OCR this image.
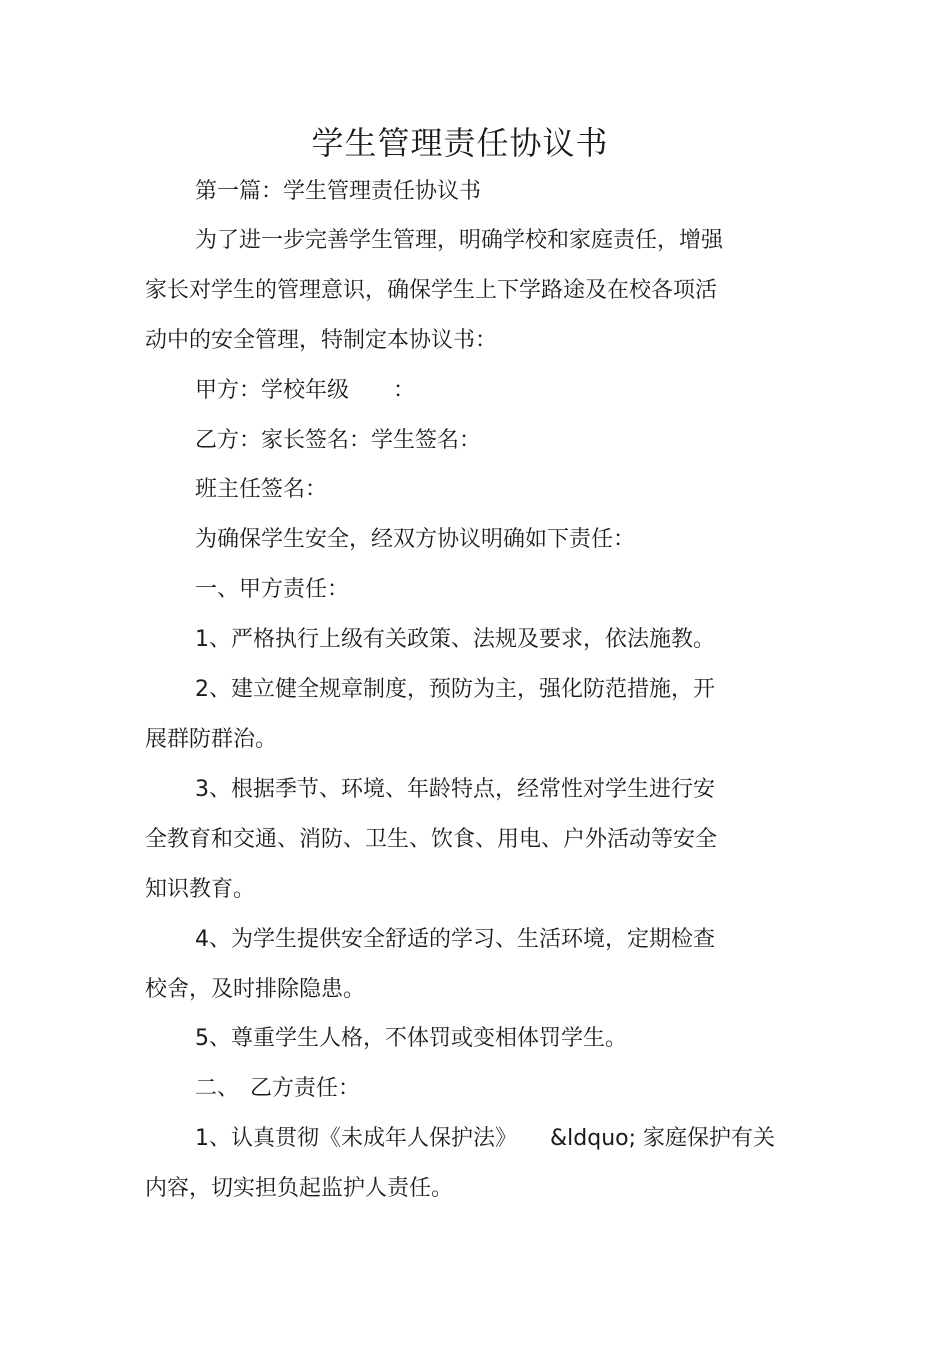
学生管理责任协议书
第一篇：学生管理责任协议书
为了进一步完善学生管理，明确学校和家庭责任，增强
家长对学生的管理意识，确保学生上下学路途及在校各项活
动中的安全管理，特制定本协议书：
甲方：学校年级　　：
乙方：家长签名：学生签名：
班主任签名：
为确保学生安全，经双方协议明确如下责任：
一、甲方责任：
1、严格执行上级有关政策、法规及要求，依法施教。
2、建立健全规章制度，预防为主，强化防范措施，开
展群防群治。
3、根据季节、环境、年龄特点，经常性对学生进行安
全教育和交通、消防、卫生、饮食、用电、户外活动等安全
知识教育。
4、为学生提供安全舒适的学习、生活环境，定期检查
校舍，及时排除隐患。
5、尊重学生人格，不体罚或变相体罚学生。
二、　乙方责任：
1、认真贯彻《未成年人保护法》　　&ldquo; 家庭保护有关
内容，切实担负起监护人责任。
